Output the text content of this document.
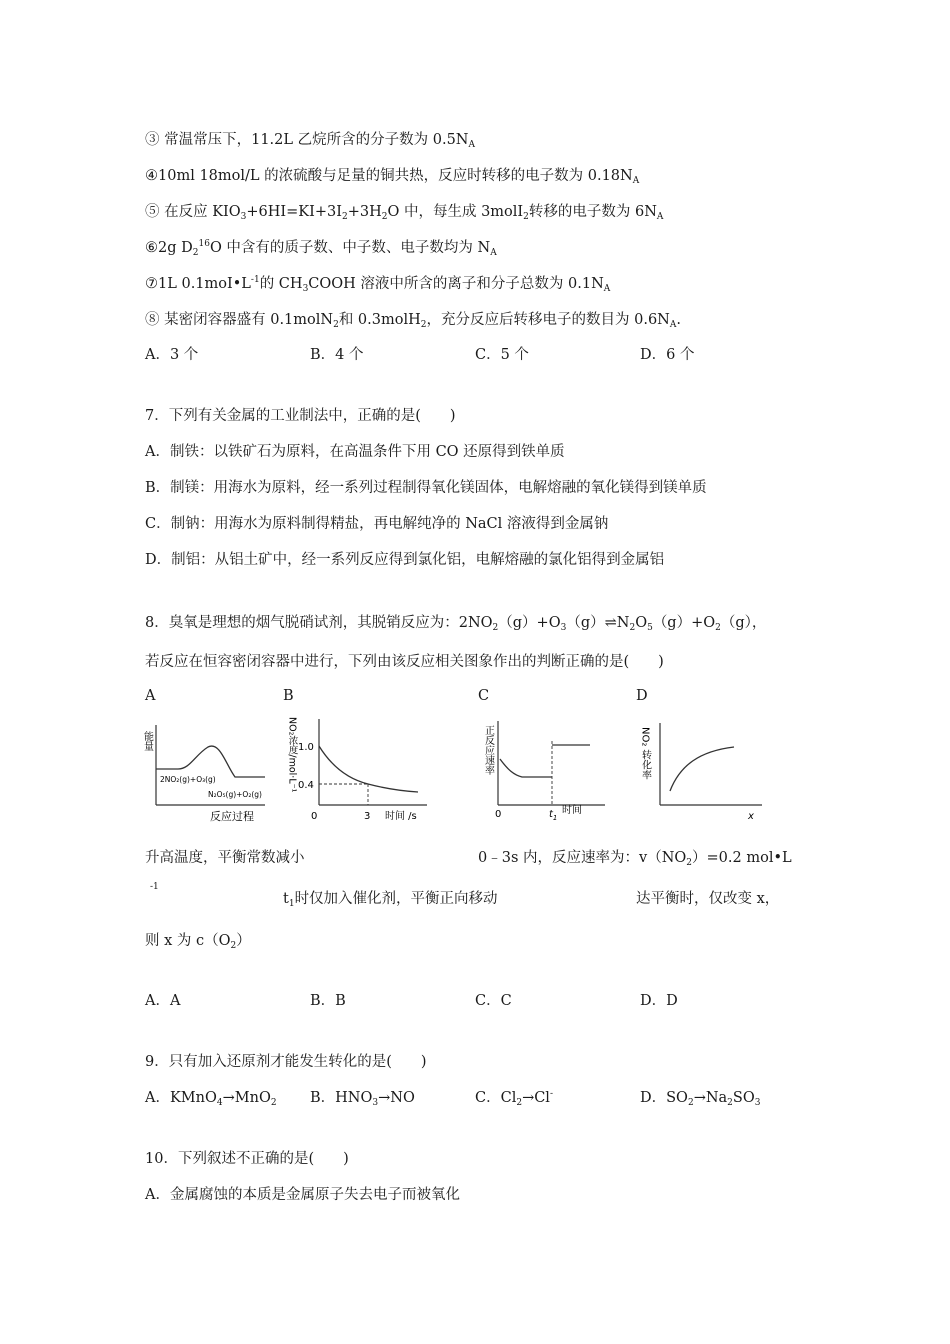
③ 常温常压下，11.2L 乙烷所含的分子数为 $0.5N_A$
④10ml 18mol/L 的浓硫酸与足量的铜共热，反应时转移的电子数为 $0.18N_A$
⑤ 在反应 $KIO_3+6HI=KI+3I_2+3H_2O$ 中，每生成 3molI$_2$转移的电子数为 $6N_A$
⑥2g $D_2^{16}O$ 中含有的质子数、中子数、电子数均为 $N_A$
⑦1L $0.1moI•L^{-1}$的 $CH_3COOH$ 溶液中所含的离子和分子总数为 $0.1N_A$
⑧ 某密闭容器盛有 0.1molN$_2$和 0.3molH$_2$，充分反应后转移电子的数目为 $0.6N_A$.
A．3 个	B．4 个	C．5 个	D．6 个
7．下列有关金属的工业制法中，正确的是(　　)
A．制铁：以铁矿石为原料，在高温条件下用 CO 还原得到铁单质
B．制镁：用海水为原料，经一系列过程制得氧化镁固体，电解熔融的氧化镁得到镁单质
C．制钠：用海水为原料制得精盐，再电解纯净的 NaCl 溶液得到金属钠
D．制铝：从铝土矿中，经一系列反应得到氯化铝，电解熔融的氯化铝得到金属铝
8．臭氧是理想的烟气脱硝试剂，其脱销反应为：$2NO_2(g)+O_3(g)\rightleftharpoons N_2O_5(g)+O_2(g)$，
若反应在恒容密闭容器中进行，下列由该反应相关图象作出的判断正确的是(　　)
A	B	C	D
能量
2NO₂(g)+O₃(g)
N₂O₅(g)+O₂(g)
反应过程
NO₂浓度/mol·L⁻¹ 1.0
0.4
0	3 时间 /s
正反应速率
0	$t_1$
时间
NO₂ 转化率
x
升高温度，平衡常数减小	0﹣3s 内，反应速率为：$v(NO_2)=0.2$ mol•L
-1
$t_1$时仅加入催化剂，平衡正向移动	达平衡时，仅改变 x，
则 x 为 $c(O_2)$
A．A	B．B	C．C	D．D
9．只有加入还原剂才能发生转化的是(　　)
A．KMnO$_4$→MnO$_2$ B．$HNO_3\to NO$	C．$Cl_2\to Cl^-$	D．$SO_2\to Na_2SO_3$
10．下列叙述不正确的是(　　)
A．金属腐蚀的本质是金属原子失去电子而被氧化
